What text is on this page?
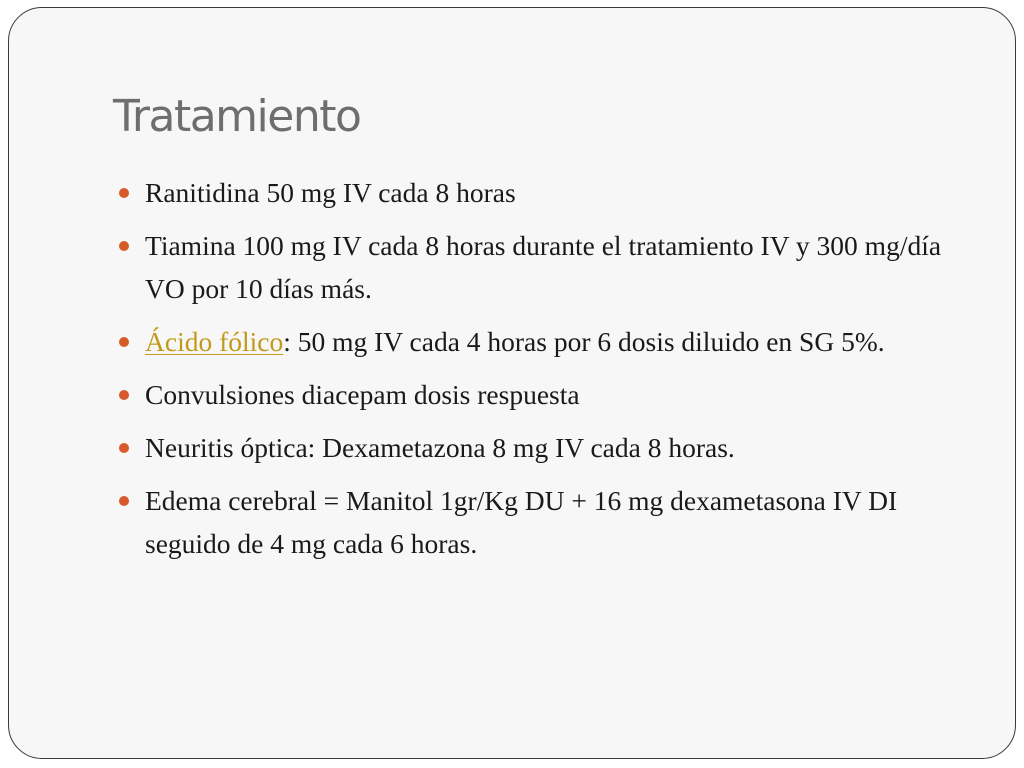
Tratamiento
Ranitidina 50 mg IV cada 8 horas
Tiamina 100 mg IV cada 8 horas durante el tratamiento IV y 300 mg/día VO por 10 días más.
Ácido fólico: 50 mg IV cada 4 horas por 6 dosis diluido en SG 5%.
Convulsiones diacepam dosis respuesta
Neuritis óptica: Dexametazona 8 mg IV cada 8 horas.
Edema cerebral = Manitol 1gr/Kg DU + 16 mg dexametasona IV DI seguido de 4 mg cada 6 horas.
